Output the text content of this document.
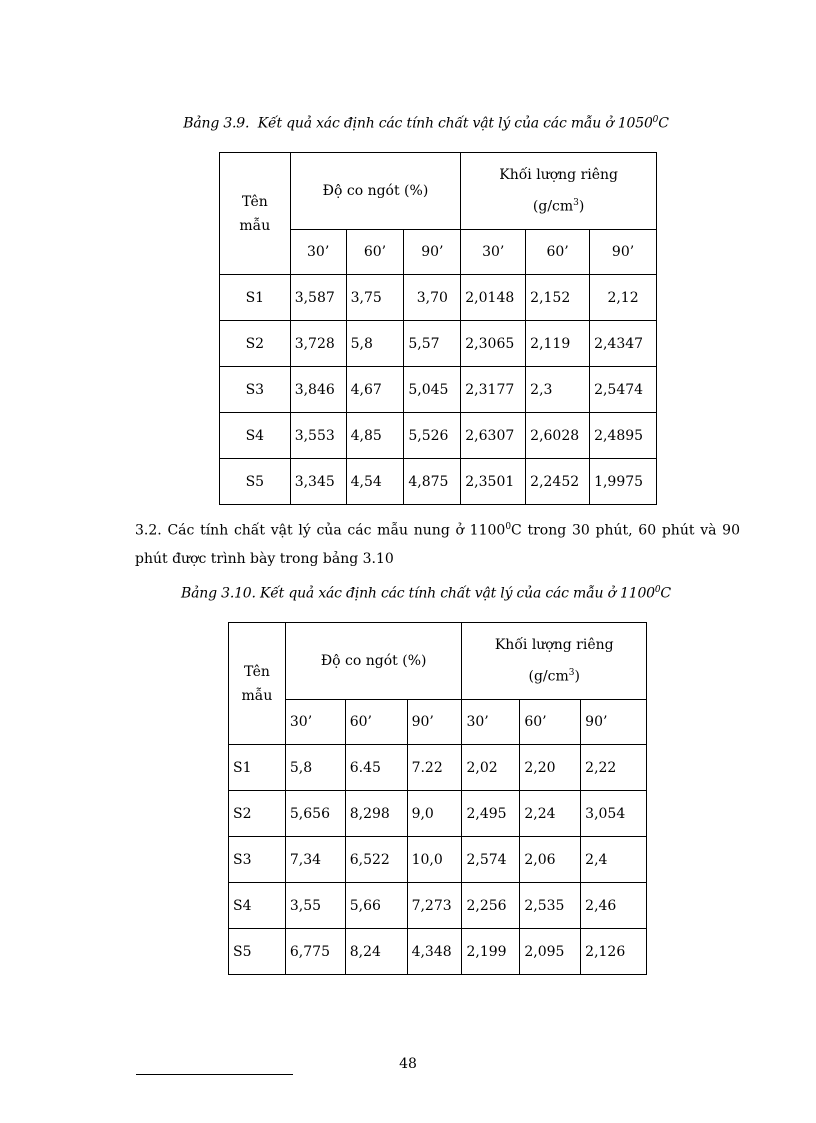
Bảng 3.9. Kết quả xác định các tính chất vật lý của các mẫu ở 1050$^0$C
Tên mẫu	Độ co ngót (%)			Khối lượng riêng
$(g/cm^3)$		
	30’	60’	90’	30’	60’	90’
S1	3,587	3,75	3,70	2,0148	2,152	2,12
S2	3,728	5,8	5,57	2,3065	2,119	2,4347
S3	3,846	4,67	5,045	2,3177	2,3	2,5474
S4	3,553	4,85	5,526	2,6307	2,6028	2,4895
S5	3,345	4,54	4,875	2,3501	2,2452	1,9975
3.2. Các tính chất vật lý của các mẫu nung ở 1100$^0$C trong 30 phút, 60 phút và 90
phút được trình bày trong bảng 3.10
Bảng 3.10. Kết quả xác định các tính chất vật lý của các mẫu ở 1100$^0$C
Tên mẫu	Độ co ngót (%)			Khối lượng riêng
$(g/cm^3)$		
	30’	60’	90’	30’	60’	90’
S1	5,8	6.45	7.22	2,02	2,20	2,22
S2	5,656	8,298	9,0	2,495	2,24	3,054
S3	7,34	6,522	10,0	2,574	2,06	2,4
S4	3,55	5,66	7,273	2,256	2,535	2,46
S5	6,775	8,24	4,348	2,199	2,095	2,126
48
